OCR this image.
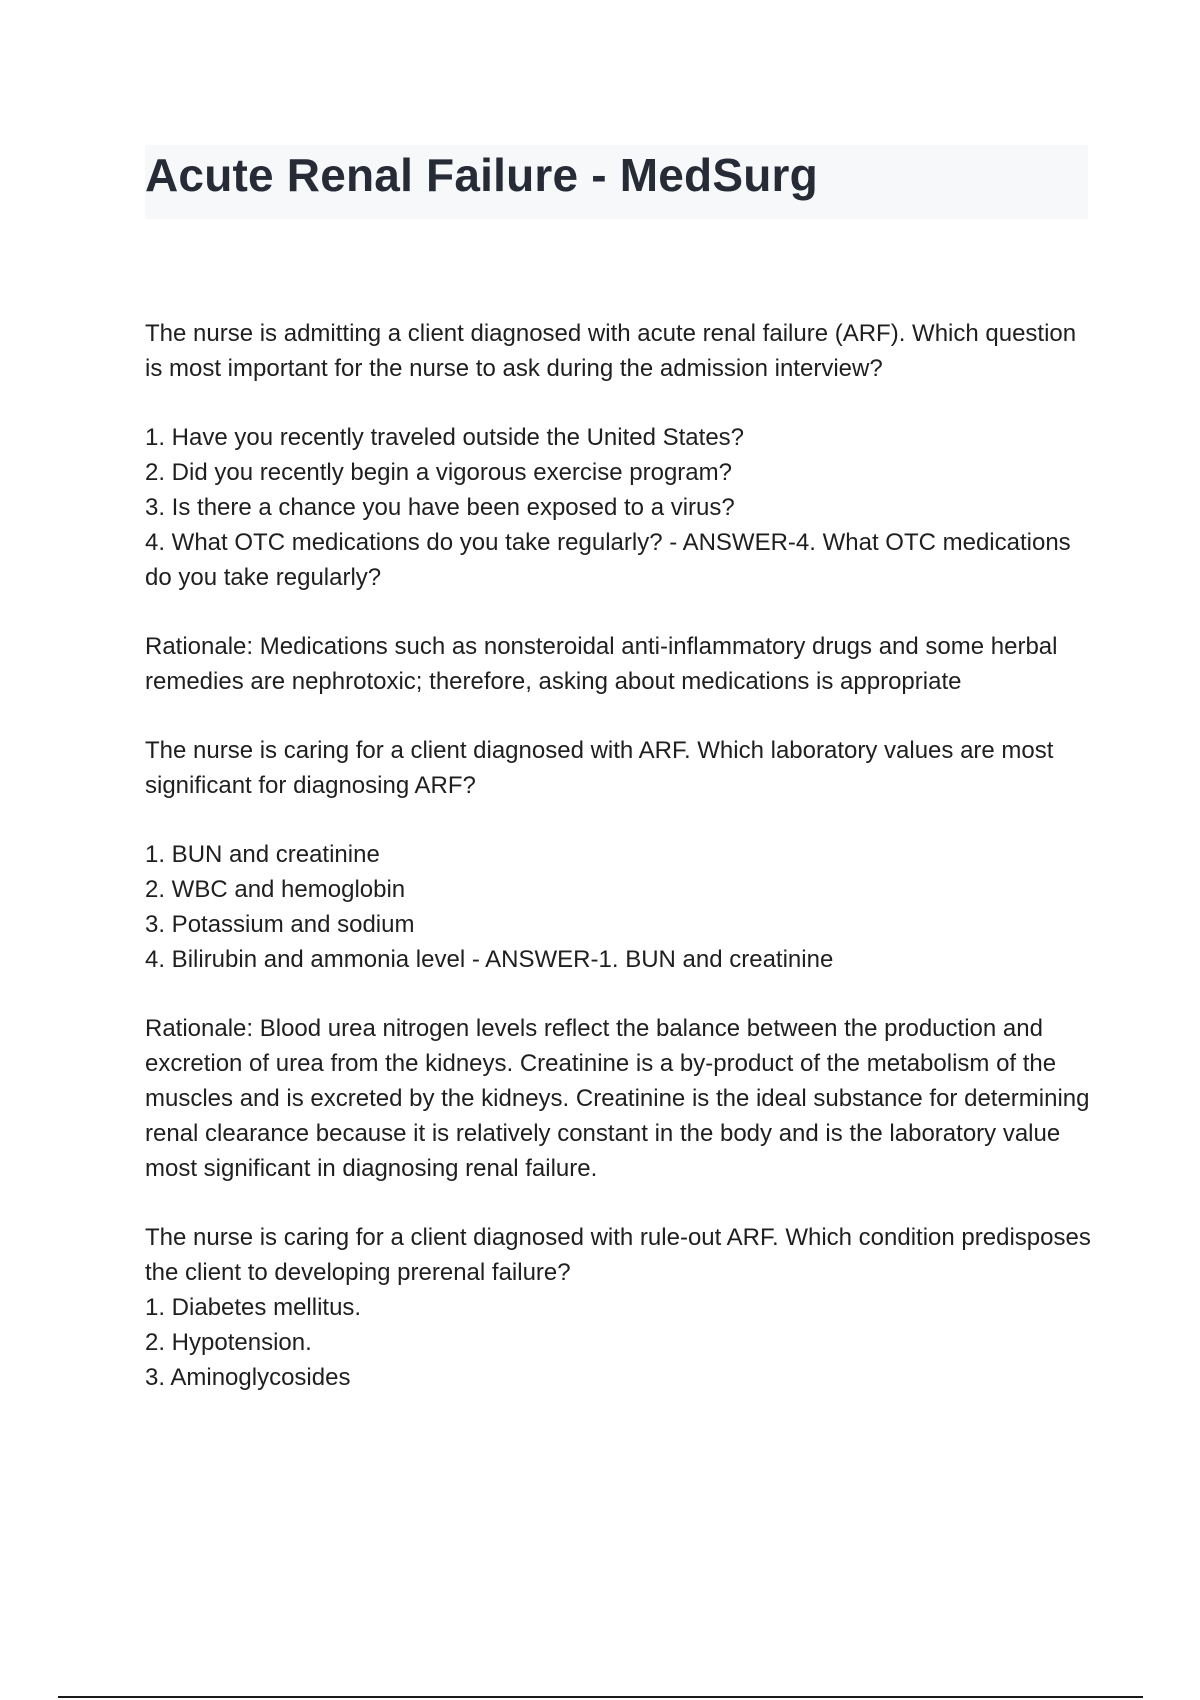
Acute Renal Failure - MedSurg

The nurse is admitting a client diagnosed with acute renal failure (ARF). Which question is most important for the nurse to ask during the admission interview?

1. Have you recently traveled outside the United States?
2. Did you recently begin a vigorous exercise program?
3. Is there a chance you have been exposed to a virus?
4. What OTC medications do you take regularly? - ANSWER-4. What OTC medications do you take regularly?

Rationale: Medications such as nonsteroidal anti-inflammatory drugs and some herbal remedies are nephrotoxic; therefore, asking about medications is appropriate

The nurse is caring for a client diagnosed with ARF. Which laboratory values are most significant for diagnosing ARF?

1. BUN and creatinine
2. WBC and hemoglobin
3. Potassium and sodium
4. Bilirubin and ammonia level - ANSWER-1. BUN and creatinine

Rationale: Blood urea nitrogen levels reflect the balance between the production and excretion of urea from the kidneys. Creatinine is a by-product of the metabolism of the muscles and is excreted by the kidneys. Creatinine is the ideal substance for determining renal clearance because it is relatively constant in the body and is the laboratory value most significant in diagnosing renal failure.

The nurse is caring for a client diagnosed with rule-out ARF. Which condition predisposes the client to developing prerenal failure?

1. Diabetes mellitus.
2. Hypotension.
3. Aminoglycosides
